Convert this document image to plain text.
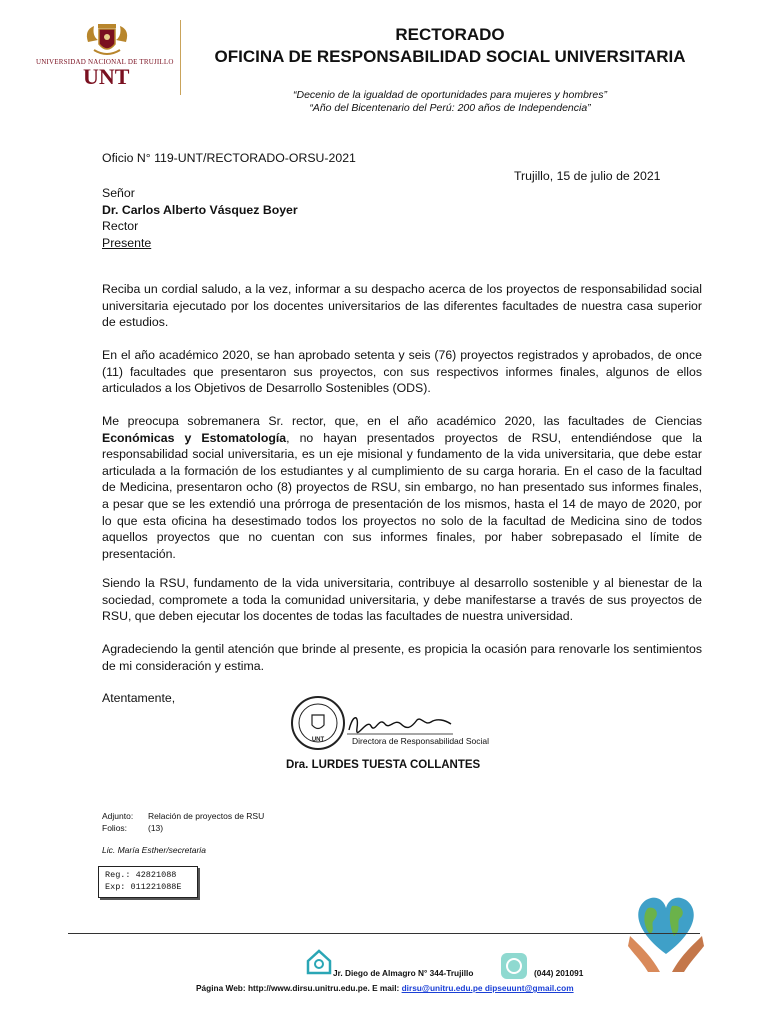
UNIVERSIDAD NACIONAL DE TRUJILLO
UNT
RECTORADO
OFICINA DE RESPONSABILIDAD SOCIAL UNIVERSITARIA
“Decenio de la igualdad de oportunidades para mujeres y hombres”
“Año del Bicentenario del Perú: 200 años de Independencia”
Oficio N° 119-UNT/RECTORADO-ORSU-2021
Trujillo, 15 de julio de 2021
Señor
Dr. Carlos Alberto Vásquez Boyer
Rector
Presente
Reciba un cordial saludo, a la vez, informar a su despacho acerca de los proyectos de responsabilidad social universitaria ejecutado por los docentes universitarios de las diferentes facultades de nuestra casa superior de estudios.
En el año académico 2020, se han aprobado setenta y seis (76) proyectos registrados y aprobados, de once (11) facultades que presentaron sus proyectos, con sus respectivos informes finales, algunos de ellos articulados a los Objetivos de Desarrollo Sostenibles (ODS).
Me preocupa sobremanera Sr. rector, que, en el año académico 2020, las facultades de Ciencias Económicas y Estomatología, no hayan presentados proyectos de RSU, entendiéndose que la responsabilidad social universitaria, es un eje misional y fundamento de la vida universitaria, que debe estar articulada a la formación de los estudiantes y al cumplimiento de su carga horaria. En el caso de la facultad de Medicina, presentaron ocho (8) proyectos de RSU, sin embargo, no han presentado sus informes finales, a pesar que se les extendió una prórroga de presentación de los mismos, hasta el 14 de mayo de 2020, por lo que esta oficina ha desestimado todos los proyectos no solo de la facultad de Medicina sino de todos aquellos proyectos que no cuentan con sus informes finales, por haber sobrepasado el límite de presentación.
Siendo la RSU, fundamento de la vida universitaria, contribuye al desarrollo sostenible y al bienestar de la sociedad, compromete a toda la comunidad universitaria, y debe manifestarse a través de sus proyectos de RSU, que deben ejecutar los docentes de todas las facultades de nuestra universidad.
Agradeciendo la gentil atención que brinde al presente, es propicia la ocasión para renovarle los sentimientos de mi consideración y estima.
Atentamente,
UNT	Directora de Responsabilidad Social
Dra. LURDES TUESTA COLLANTES
Adjunto: Relación de proyectos de RSU
Folios: (13)
Lic. María Esther/secretaria
Reg.: 42821088
Exp: 011221088E
Jr. Diego de Almagro N° 344-Trujillo	(044) 201091
Página Web: http://www.dirsu.unitru.edu.pe. E mail: dirsu@unitru.edu.pe dipseuunt@gmail.com
